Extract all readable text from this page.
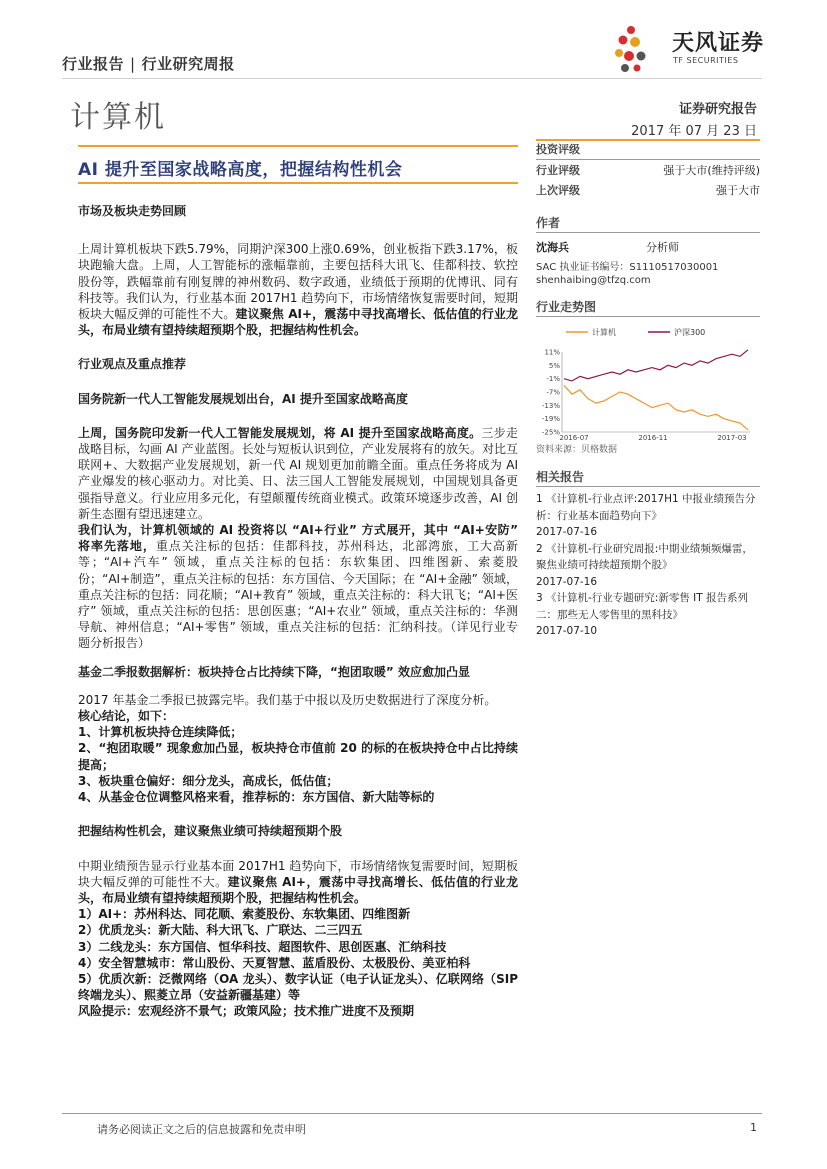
行业报告 | 行业研究周报
天风证券
TF SECURITIES
计算机	证券研究报告
2017 年 07 月 23 日
AI 提升至国家战略高度，把握结构性机会
投资评级
行业评级	强于大市(维持评级)
上次评级	强于大市
作者
沈海兵	分析师
SAC 执业证书编号：S1110517030001
shenhaibing@tfzq.com
行业走势图
计算机	沪深300
11%
5%
-1%
-7%
-13%
-19%
-25%
2016-07	2016-11	2017-03
资料来源：贝格数据
相关报告
1 《计算机-行业点评:2017H1 中报业绩预告分析：行业基本面趋势向下》
2017-07-16
2 《计算机-行业研究周报:中期业绩频频爆雷，聚焦业绩可持续超预期个股》
2017-07-16
3 《计算机-行业专题研究:新零售 IT 报告系列二：那些无人零售里的黑科技》
2017-07-10
市场及板块走势回顾

上周计算机板块下跌5.79%，同期沪深300上涨0.69%，创业板指下跌3.17%，板块跑输大盘。上周，人工智能标的涨幅靠前，主要包括科大讯飞、佳都科技、软控股份等，跌幅靠前有刚复牌的神州数码、数字政通，业绩低于预期的优博讯、同有科技等。我们认为，行业基本面 2017H1 趋势向下，市场情绪恢复需要时间，短期板块大幅反弹的可能性不大。建议聚焦 AI+，震荡中寻找高增长、低估值的行业龙头，布局业绩有望持续超预期个股，把握结构性机会。

行业观点及重点推荐
国务院新一代人工智能发展规划出台，AI 提升至国家战略高度

上周，国务院印发新一代人工智能发展规划，将 AI 提升至国家战略高度。三步走战略目标，勾画 AI 产业蓝图。长处与短板认识到位，产业发展将有的放矢。对比互联网+、大数据产业发展规划，新一代 AI 规划更加前瞻全面。重点任务将成为 AI 产业爆发的核心驱动力。对比美、日、法三国人工智能发展规划，中国规划具备更强指导意义。行业应用多元化，有望颠覆传统商业模式。政策环境逐步改善，AI 创新生态圈有望迅速建立。

我们认为，计算机领域的 AI 投资将以 “AI+行业” 方式展开，其中 “AI+安防” 将率先落地，重点关注标的包括：佳都科技，苏州科达，北部湾旅，工大高新等；“AI+汽车” 领域，重点关注标的包括：东软集团、四维图新、索菱股份；“AI+制造”，重点关注标的包括：东方国信、今天国际；在 “AI+金融” 领域，重点关注标的包括：同花顺；“AI+教育” 领域，重点关注标的：科大讯飞；“AI+医疗” 领域，重点关注标的包括：思创医惠；“AI+农业” 领域，重点关注标的：华测导航、神州信息；“AI+零售” 领域，重点关注标的包括：汇纳科技。（详见行业专题分析报告）

基金二季报数据解析：板块持仓占比持续下降，“抱团取暖” 效应愈加凸显

2017 年基金二季报已披露完毕。我们基于中报以及历史数据进行了深度分析。

核心结论，如下：
1、计算机板块持仓连续降低；
2、“抱团取暖” 现象愈加凸显，板块持仓市值前 20 的标的在板块持仓中占比持续提高；
3、板块重仓偏好：细分龙头，高成长，低估值；
4、从基金仓位调整风格来看，推荐标的：东方国信、新大陆等标的
把握结构性机会，建议聚焦业绩可持续超预期个股

中期业绩预告显示行业基本面 2017H1 趋势向下，市场情绪恢复需要时间，短期板块大幅反弹的可能性不大。建议聚焦 AI+，震荡中寻找高增长、低估值的行业龙头，布局业绩有望持续超预期个股，把握结构性机会。

1）AI+：苏州科达、同花顺、索菱股份、东软集团、四维图新
2）优质龙头：新大陆、科大讯飞、广联达、二三四五
3）二线龙头：东方国信、恒华科技、超图软件、思创医惠、汇纳科技
4）安全智慧城市：常山股份、天夏智慧、蓝盾股份、太极股份、美亚柏科
5）优质次新：泛微网络（OA 龙头）、数字认证（电子认证龙头）、亿联网络（SIP 终端龙头）、熙菱立昂（安益新疆基建）等
风险提示：宏观经济不景气；政策风险；技术推广进度不及预期
请务必阅读正文之后的信息披露和免责申明	1
